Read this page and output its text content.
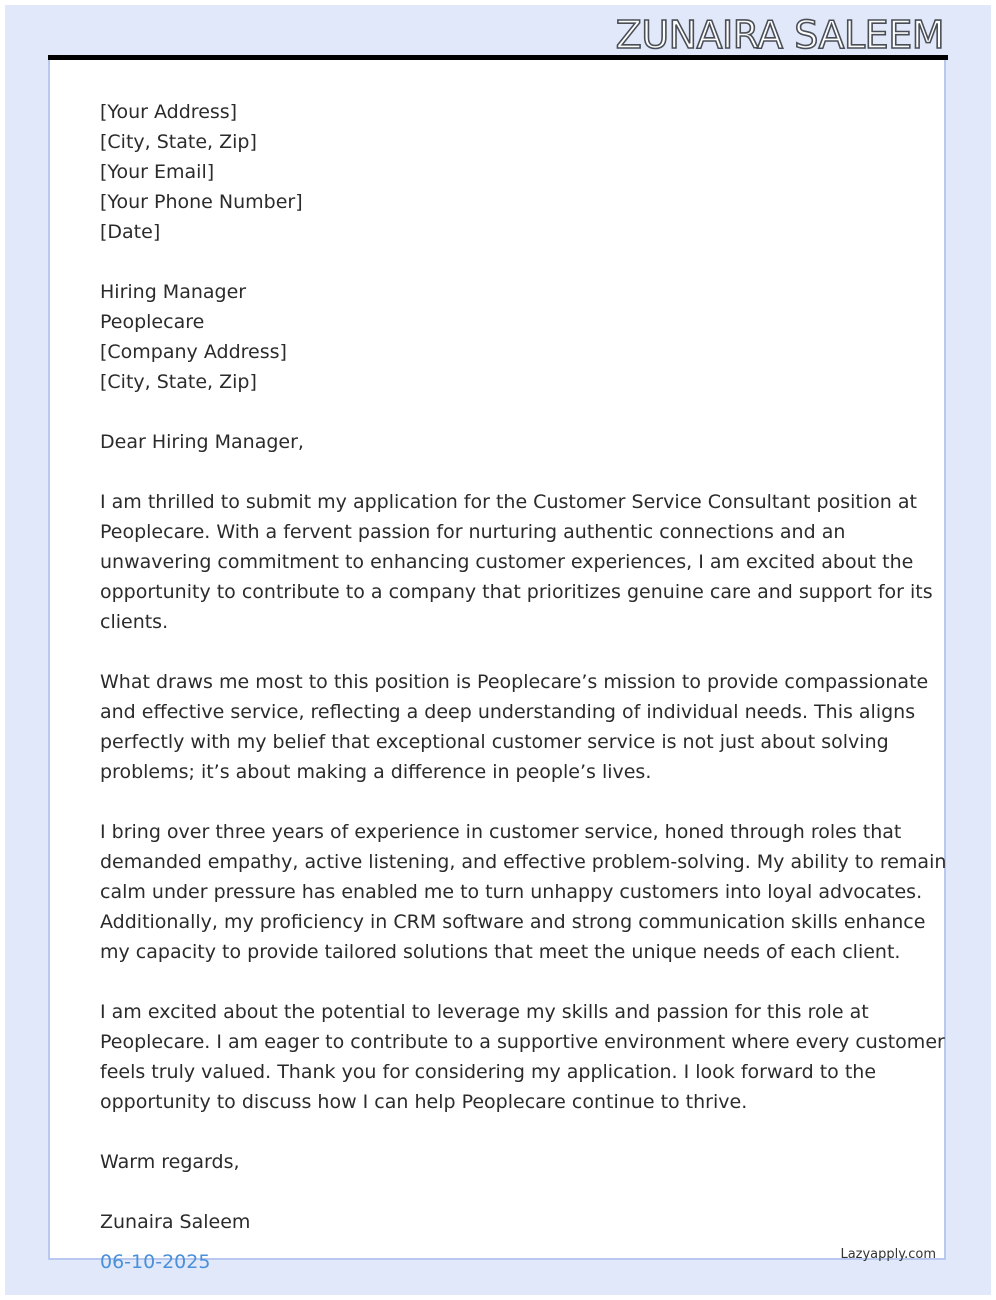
ZUNAIRA SALEEM
[Your Address]
[City, State, Zip]
[Your Email]
[Your Phone Number]
[Date]
Hiring Manager
Peoplecare
[Company Address]
[City, State, Zip]
Dear Hiring Manager,
I am thrilled to submit my application for the Customer Service Consultant position at
Peoplecare. With a fervent passion for nurturing authentic connections and an
unwavering commitment to enhancing customer experiences, I am excited about the
opportunity to contribute to a company that prioritizes genuine care and support for its
clients.
What draws me most to this position is Peoplecare’s mission to provide compassionate
and effective service, reflecting a deep understanding of individual needs. This aligns
perfectly with my belief that exceptional customer service is not just about solving
problems; it’s about making a difference in people’s lives.
I bring over three years of experience in customer service, honed through roles that
demanded empathy, active listening, and effective problem-solving. My ability to remain
calm under pressure has enabled me to turn unhappy customers into loyal advocates.
Additionally, my proficiency in CRM software and strong communication skills enhance
my capacity to provide tailored solutions that meet the unique needs of each client.
I am excited about the potential to leverage my skills and passion for this role at
Peoplecare. I am eager to contribute to a supportive environment where every customer
feels truly valued. Thank you for considering my application. I look forward to the
opportunity to discuss how I can help Peoplecare continue to thrive.
Warm regards,
Zunaira Saleem
06-10-2025	Lazyapply.com
